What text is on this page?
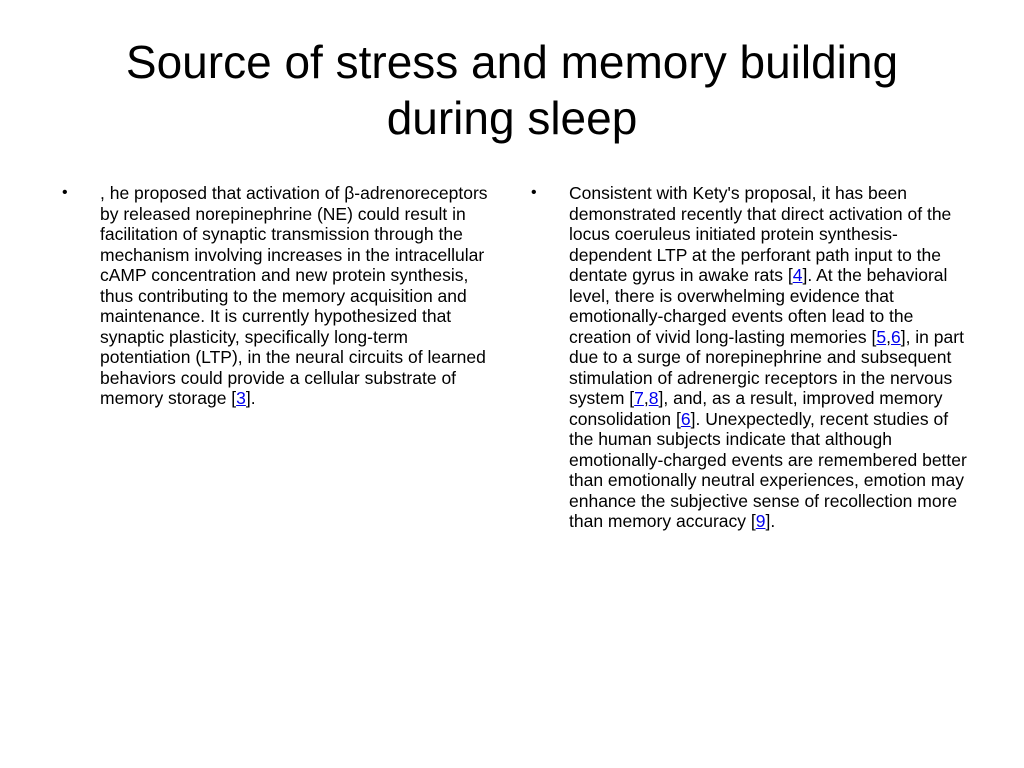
Source of stress and memory building during sleep
•	, he proposed that activation of β-adrenoreceptors by released norepinephrine (NE) could result in facilitation of synaptic transmission through the mechanism involving increases in the intracellular cAMP concentration and new protein synthesis, thus contributing to the memory acquisition and maintenance. It is currently hypothesized that synaptic plasticity, specifically long-term potentiation (LTP), in the neural circuits of learned behaviors could provide a cellular substrate of memory storage [3].
•	Consistent with Kety's proposal, it has been demonstrated recently that direct activation of the locus coeruleus initiated protein synthesis-dependent LTP at the perforant path input to the dentate gyrus in awake rats [4]. At the behavioral level, there is overwhelming evidence that emotionally-charged events often lead to the creation of vivid long-lasting memories [5,6], in part due to a surge of norepinephrine and subsequent stimulation of adrenergic receptors in the nervous system [7,8], and, as a result, improved memory consolidation [6]. Unexpectedly, recent studies of the human subjects indicate that although emotionally-charged events are remembered better than emotionally neutral experiences, emotion may enhance the subjective sense of recollection more than memory accuracy [9].
